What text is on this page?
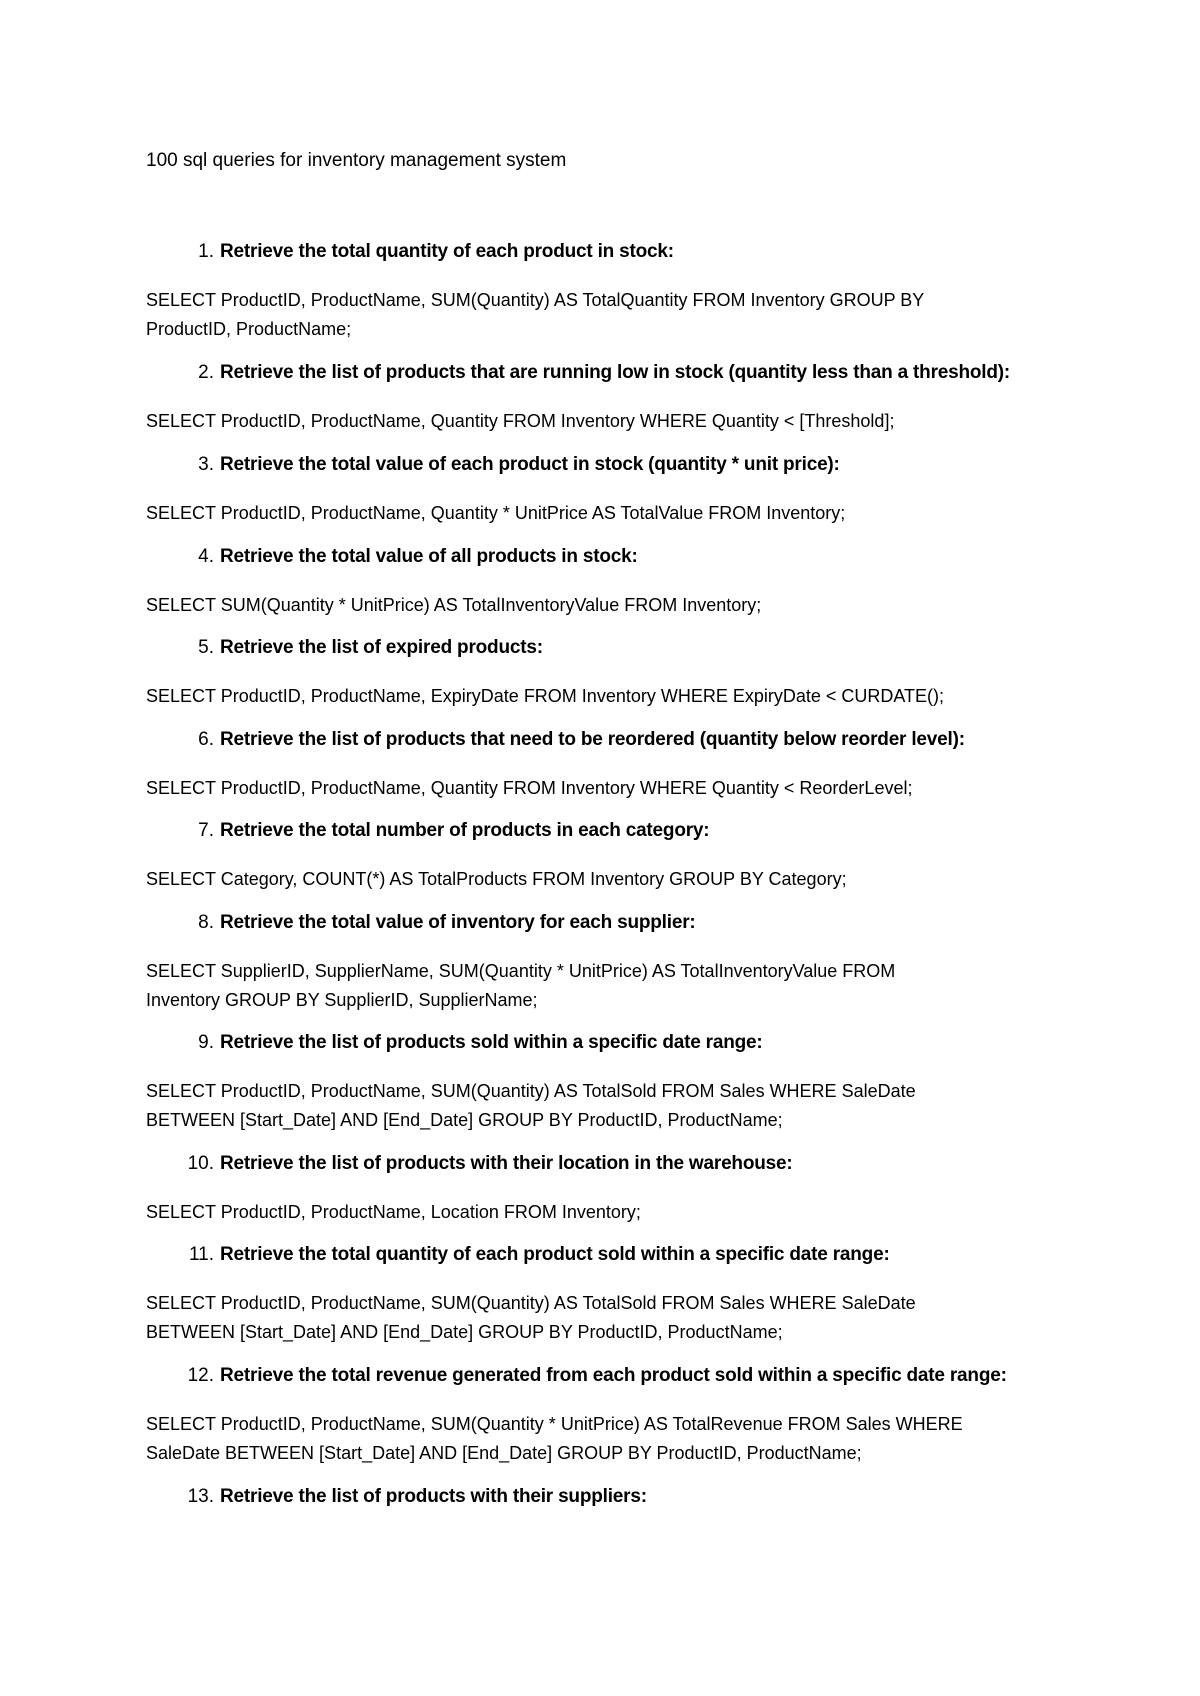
100 sql queries for inventory management system
1. Retrieve the total quantity of each product in stock:
SELECT ProductID, ProductName, SUM(Quantity) AS TotalQuantity FROM Inventory GROUP BY
ProductID, ProductName;
2. Retrieve the list of products that are running low in stock (quantity less than a threshold):
SELECT ProductID, ProductName, Quantity FROM Inventory WHERE Quantity < [Threshold];
3. Retrieve the total value of each product in stock (quantity * unit price):
SELECT ProductID, ProductName, Quantity * UnitPrice AS TotalValue FROM Inventory;
4. Retrieve the total value of all products in stock:
SELECT SUM(Quantity * UnitPrice) AS TotalInventoryValue FROM Inventory;
5. Retrieve the list of expired products:
SELECT ProductID, ProductName, ExpiryDate FROM Inventory WHERE ExpiryDate < CURDATE();
6. Retrieve the list of products that need to be reordered (quantity below reorder level):
SELECT ProductID, ProductName, Quantity FROM Inventory WHERE Quantity < ReorderLevel;
7. Retrieve the total number of products in each category:
SELECT Category, COUNT(*) AS TotalProducts FROM Inventory GROUP BY Category;
8. Retrieve the total value of inventory for each supplier:
SELECT SupplierID, SupplierName, SUM(Quantity * UnitPrice) AS TotalInventoryValue FROM
Inventory GROUP BY SupplierID, SupplierName;
9. Retrieve the list of products sold within a specific date range:
SELECT ProductID, ProductName, SUM(Quantity) AS TotalSold FROM Sales WHERE SaleDate
BETWEEN [Start_Date] AND [End_Date] GROUP BY ProductID, ProductName;
10. Retrieve the list of products with their location in the warehouse:
SELECT ProductID, ProductName, Location FROM Inventory;
11. Retrieve the total quantity of each product sold within a specific date range:
SELECT ProductID, ProductName, SUM(Quantity) AS TotalSold FROM Sales WHERE SaleDate
BETWEEN [Start_Date] AND [End_Date] GROUP BY ProductID, ProductName;
12. Retrieve the total revenue generated from each product sold within a specific date range:
SELECT ProductID, ProductName, SUM(Quantity * UnitPrice) AS TotalRevenue FROM Sales WHERE
SaleDate BETWEEN [Start_Date] AND [End_Date] GROUP BY ProductID, ProductName;
13. Retrieve the list of products with their suppliers:
